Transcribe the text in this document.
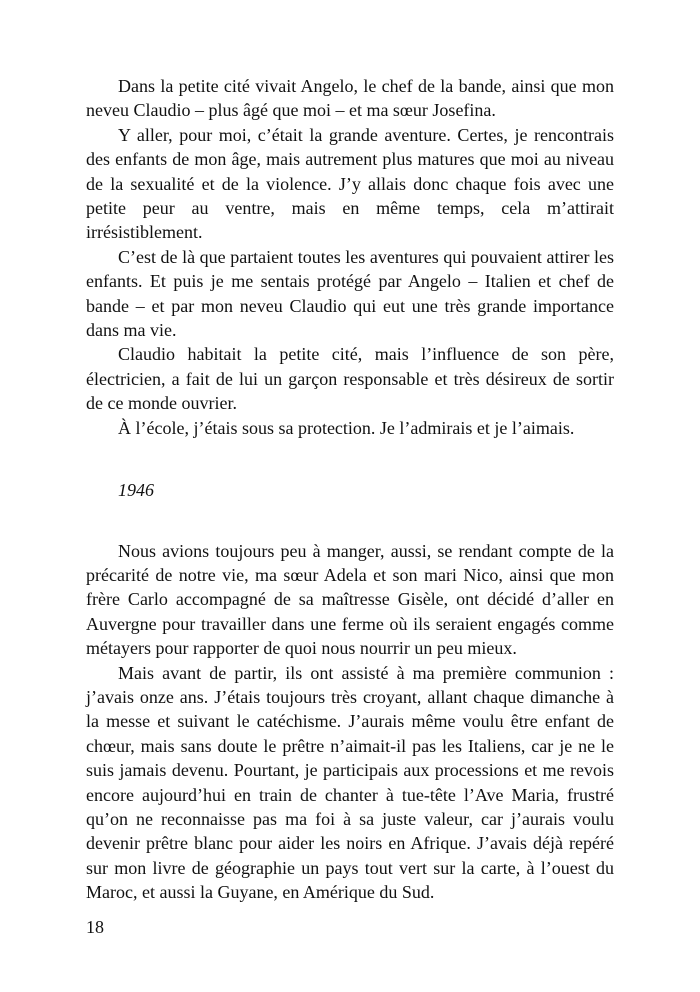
Dans la petite cité vivait Angelo, le chef de la bande, ainsi que mon neveu Claudio – plus âgé que moi – et ma sœur Josefina.

Y aller, pour moi, c’était la grande aventure. Certes, je rencontrais des enfants de mon âge, mais autrement plus matures que moi au niveau de la sexualité et de la violence. J’y allais donc chaque fois avec une petite peur au ventre, mais en même temps, cela m’attirait irrésistiblement.

C’est de là que partaient toutes les aventures qui pouvaient attirer les enfants. Et puis je me sentais protégé par Angelo – Italien et chef de bande – et par mon neveu Claudio qui eut une très grande importance dans ma vie.

Claudio habitait la petite cité, mais l’influence de son père, électricien, a fait de lui un garçon responsable et très désireux de sortir de ce monde ouvrier.

À l’école, j’étais sous sa protection. Je l’admirais et je l’aimais.

1946

Nous avions toujours peu à manger, aussi, se rendant compte de la précarité de notre vie, ma sœur Adela et son mari Nico, ainsi que mon frère Carlo accompagné de sa maîtresse Gisèle, ont décidé d’aller en Auvergne pour travailler dans une ferme où ils seraient engagés comme métayers pour rapporter de quoi nous nourrir un peu mieux.

Mais avant de partir, ils ont assisté à ma première communion : j’avais onze ans. J’étais toujours très croyant, allant chaque dimanche à la messe et suivant le catéchisme. J’aurais même voulu être enfant de chœur, mais sans doute le prêtre n’aimait-il pas les Italiens, car je ne le suis jamais devenu. Pourtant, je participais aux processions et me revois encore aujourd’hui en train de chanter à tue-tête l’Ave Maria, frustré qu’on ne reconnaisse pas ma foi à sa juste valeur, car j’aurais voulu devenir prêtre blanc pour aider les noirs en Afrique. J’avais déjà repéré sur mon livre de géographie un pays tout vert sur la carte, à l’ouest du Maroc, et aussi la Guyane, en Amérique du Sud.

18
